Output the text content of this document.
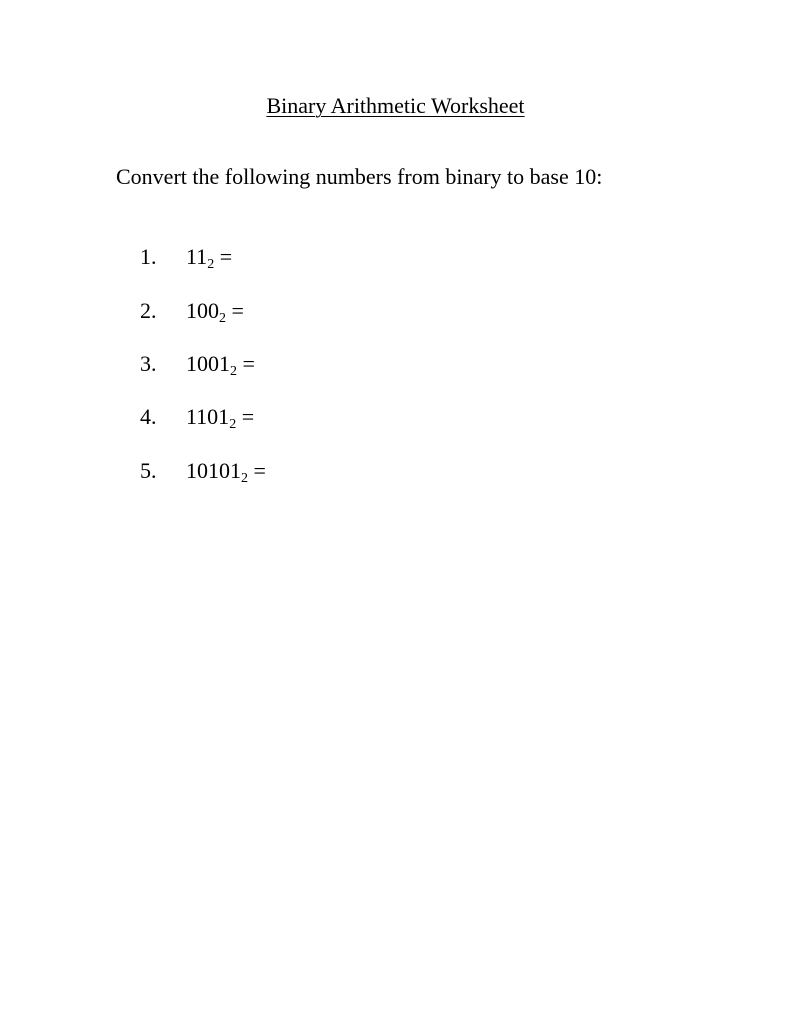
Binary Arithmetic Worksheet
Convert the following numbers from binary to base 10:
1. $11_2$ =
2. $100_2$ =
3. $1001_2$ =
4. $1101_2$ =
5. $10101_2$ =
